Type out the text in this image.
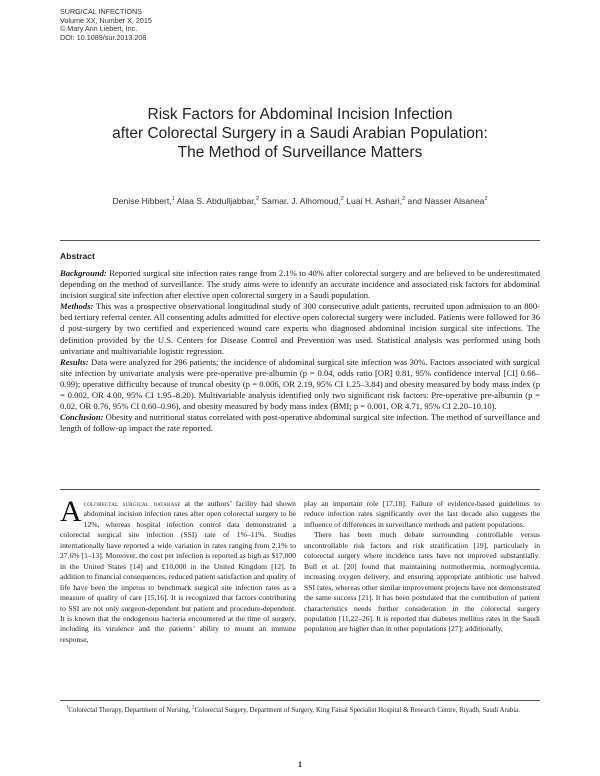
SURGICAL INFECTIONS
Volume XX, Number X, 2015
© Mary Ann Liebert, Inc.
DOI: 10.1089/sur.2013.208
Risk Factors for Abdominal Incision Infection
after Colorectal Surgery in a Saudi Arabian Population:
The Method of Surveillance Matters
Denise Hibbert,$^1$ Alaa S. Abdulljabbar,$^2$ Samar. J. Alhomoud,$^2$ Luai H. Ashari,$^2$ and Nasser Alsanea$^2$
Abstract

Background: Reported surgical site infection rates range from 2.1% to 40% after colorectal surgery and are believed to be underestimated depending on the method of surveillance. The study aims were to identify an accurate incidence and associated risk factors for abdominal incision surgical site infection after elective open colorectal surgery in a Saudi population.

Methods: This was a prospective observational longitudinal study of 300 consecutive adult patients, recruited upon admission to an 800-bed tertiary referral center. All consenting adults admitted for elective open colorectal surgery were included. Patients were followed for 36 d post-surgery by two certified and experienced wound care experts who diagnosed abdominal incision surgical site infections. The definition provided by the U.S. Centers for Disease Control and Prevention was used. Statistical analysis was performed using both univariate and multivariable logistic regression.

Results: Data were analyzed for 296 patients; the incidence of abdominal surgical site infection was 30%. Factors associated with surgical site infection by univariate analysis were pre-operative pre-albumin (p = 0.04, odds ratio [OR] 0.81, 95% confidence interval [CI] 0.66–0.99); operative difficulty because of truncal obesity (p = 0.006, OR 2.19, 95% CI 1.25–3.84) and obesity measured by body mass index (p = 0.002, OR 4.00, 95% CI 1.95–8.20). Multivariable analysis identified only two significant risk factors: Pre-operative pre-albumin (p = 0.02, OR 0.76, 95% CI 0.60–0.96), and obesity measured by body mass index (BMI; p = 0.001, OR 4.71, 95% CI 2.20–10.10).

Conclusion: Obesity and nutritional status correlated with post-operative abdominal surgical site infection. The method of surveillance and length of follow-up impact the rate reported.

Acolorectal surgical database at the authors’ facility had shown abdominal incision infection rates after open colorectal surgery to be 12%, whereas hospital infection control data demonstrated a colorectal surgical site infection (SSI) rate of 1%–11%. Studies internationally have reported a wide variation in rates ranging from 2.1% to 27.6% [1–13]. Moreover, the cost per infection is reported as high as $17,000 in the United States [14] and £10,000 in the United Kingdom [12]. In addition to financial consequences, reduced patient satisfaction and quality of life have been the impetus to benchmark surgical site infection rates as a measure of quality of care [15,16]. It is recognized that factors contributing to SSI are not only surgeon-dependent but patient and procedure-dependent. It is known that the endogenous bacteria encountered at the time of surgery, including its virulence and the patients’ ability to mount an immune response,

play an important role [17,18]. Failure of evidence-based guidelines to reduce infection rates significantly over the last decade also suggests the influence of differences in surveillance methods and patient populations.

There has been much debate surrounding controllable versus uncontrollable risk factors and risk stratification [19], particularly in colorectal surgery where incidence rates have not improved substantially. Bull et al. [20] found that maintaining normothermia, normoglycemia, increasing oxygen delivery, and ensuring appropriate antibiotic use halved SSI rates, whereas other similar improvement projects have not demonstrated the same success [21]. It has been postulated that the contribution of patient characteristics needs further consideration in the colorectal surgery population [11,22–26]. It is reported that diabetes mellitus rates in the Saudi population are higher than in other populations [27]; additionally,

$^1$Colorectal Therapy, Department of Nursing, $^2$Colorectal Surgery, Department of Surgery, King Faisal Specialist Hospital & Research Centre, Riyadh, Saudi Arabia.
1
